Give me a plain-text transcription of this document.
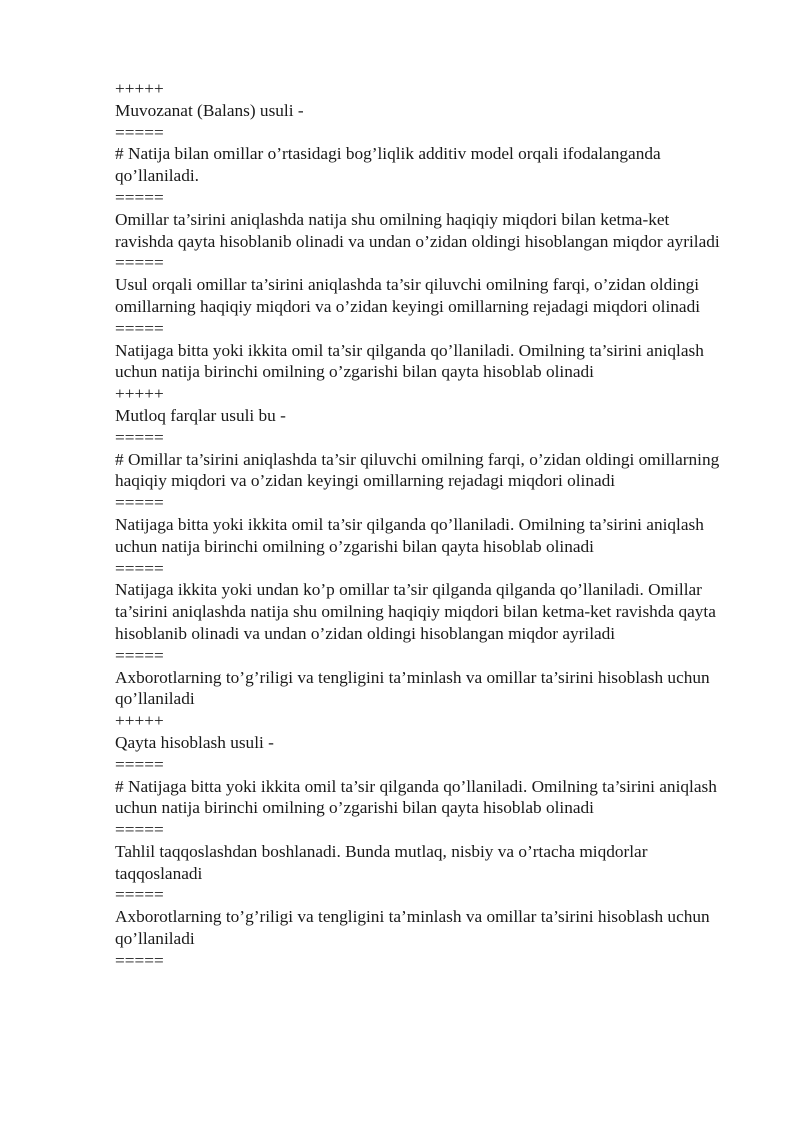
+++++

Muvozanat (Balans) usuli -

=====

# Natija bilan omillar o’rtasidagi bog’liqlik additiv model orqali ifodalanganda qo’llaniladi.

=====

Omillar ta’sirini aniqlashda natija shu omilning haqiqiy miqdori bilan ketma-ket ravishda qayta hisoblanib olinadi va undan o’zidan oldingi hisoblangan miqdor ayriladi

=====

Usul orqali omillar ta’sirini aniqlashda ta’sir qiluvchi omilning farqi, o’zidan oldingi omillarning haqiqiy miqdori va o’zidan keyingi omillarning rejadagi miqdori olinadi

=====

Natijaga bitta yoki ikkita omil ta’sir qilganda qo’llaniladi. Omilning ta’sirini aniqlash uchun natija birinchi omilning o’zgarishi bilan qayta hisoblab olinadi

+++++

Mutloq farqlar usuli bu -

=====

# Omillar ta’sirini aniqlashda ta’sir qiluvchi omilning farqi, o’zidan oldingi omillarning haqiqiy miqdori va o’zidan keyingi omillarning rejadagi miqdori olinadi

=====

Natijaga bitta yoki ikkita omil ta’sir qilganda qo’llaniladi. Omilning ta’sirini aniqlash uchun natija birinchi omilning o’zgarishi bilan qayta hisoblab olinadi

=====

Natijaga ikkita yoki undan ko’p omillar ta’sir qilganda qilganda qo’llaniladi. Omillar ta’sirini aniqlashda natija shu omilning haqiqiy miqdori bilan ketma-ket ravishda qayta hisoblanib olinadi va undan o’zidan oldingi hisoblangan miqdor ayriladi

=====

Axborotlarning to’g’riligi va tengligini ta’minlash va omillar ta’sirini hisoblash uchun qo’llaniladi

+++++

Qayta hisoblash usuli -

=====

# Natijaga bitta yoki ikkita omil ta’sir qilganda qo’llaniladi. Omilning ta’sirini aniqlash uchun natija birinchi omilning o’zgarishi bilan qayta hisoblab olinadi

=====

Tahlil taqqoslashdan boshlanadi. Bunda mutlaq, nisbiy va o’rtacha miqdorlar taqqoslanadi

=====

Axborotlarning to’g’riligi va tengligini ta’minlash va omillar ta’sirini hisoblash uchun qo’llaniladi

=====
